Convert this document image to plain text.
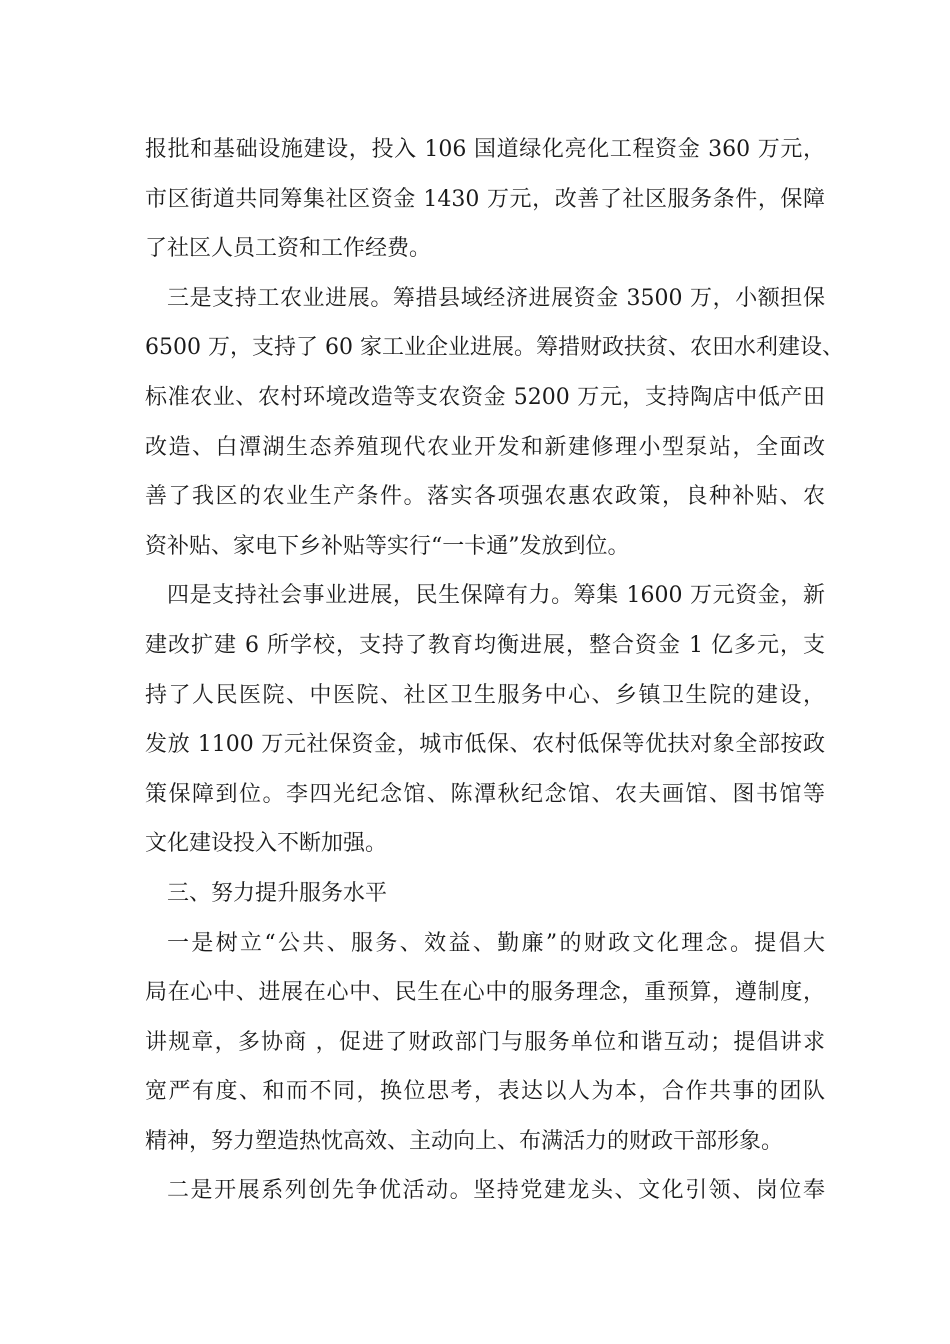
报批和基础设施建设，投入 106 国道绿化亮化工程资金 360 万元，
市区街道共同筹集社区资金 1430 万元，改善了社区服务条件，保障
了社区人员工资和工作经费。
三是支持工农业进展。筹措县域经济进展资金 3500 万，小额担保
6500 万，支持了 60 家工业企业进展。筹措财政扶贫、农田水利建设、
标准农业、农村环境改造等支农资金 5200 万元，支持陶店中低产田
改造、白潭湖生态养殖现代农业开发和新建修理小型泵站，全面改
善了我区的农业生产条件。落实各项强农惠农政策，良种补贴、农
资补贴、家电下乡补贴等实行“一卡通”发放到位。
四是支持社会事业进展，民生保障有力。筹集 1600 万元资金，新
建改扩建 6 所学校，支持了教育均衡进展，整合资金 1 亿多元，支
持了人民医院、中医院、社区卫生服务中心、乡镇卫生院的建设，
发放 1100 万元社保资金，城市低保、农村低保等优扶对象全部按政
策保障到位。李四光纪念馆、陈潭秋纪念馆、农夫画馆、图书馆等
文化建设投入不断加强。
三、努力提升服务水平
一是树立“公共、服务、效益、勤廉”的财政文化理念。提倡大
局在心中、进展在心中、民生在心中的服务理念，重预算，遵制度，
讲规章，多协商 ，促进了财政部门与服务单位和谐互动；提倡讲求
宽严有度、和而不同，换位思考，表达以人为本，合作共事的团队
精神，努力塑造热忱高效、主动向上、布满活力的财政干部形象。
二是开展系列创先争优活动。坚持党建龙头、文化引领、岗位奉
